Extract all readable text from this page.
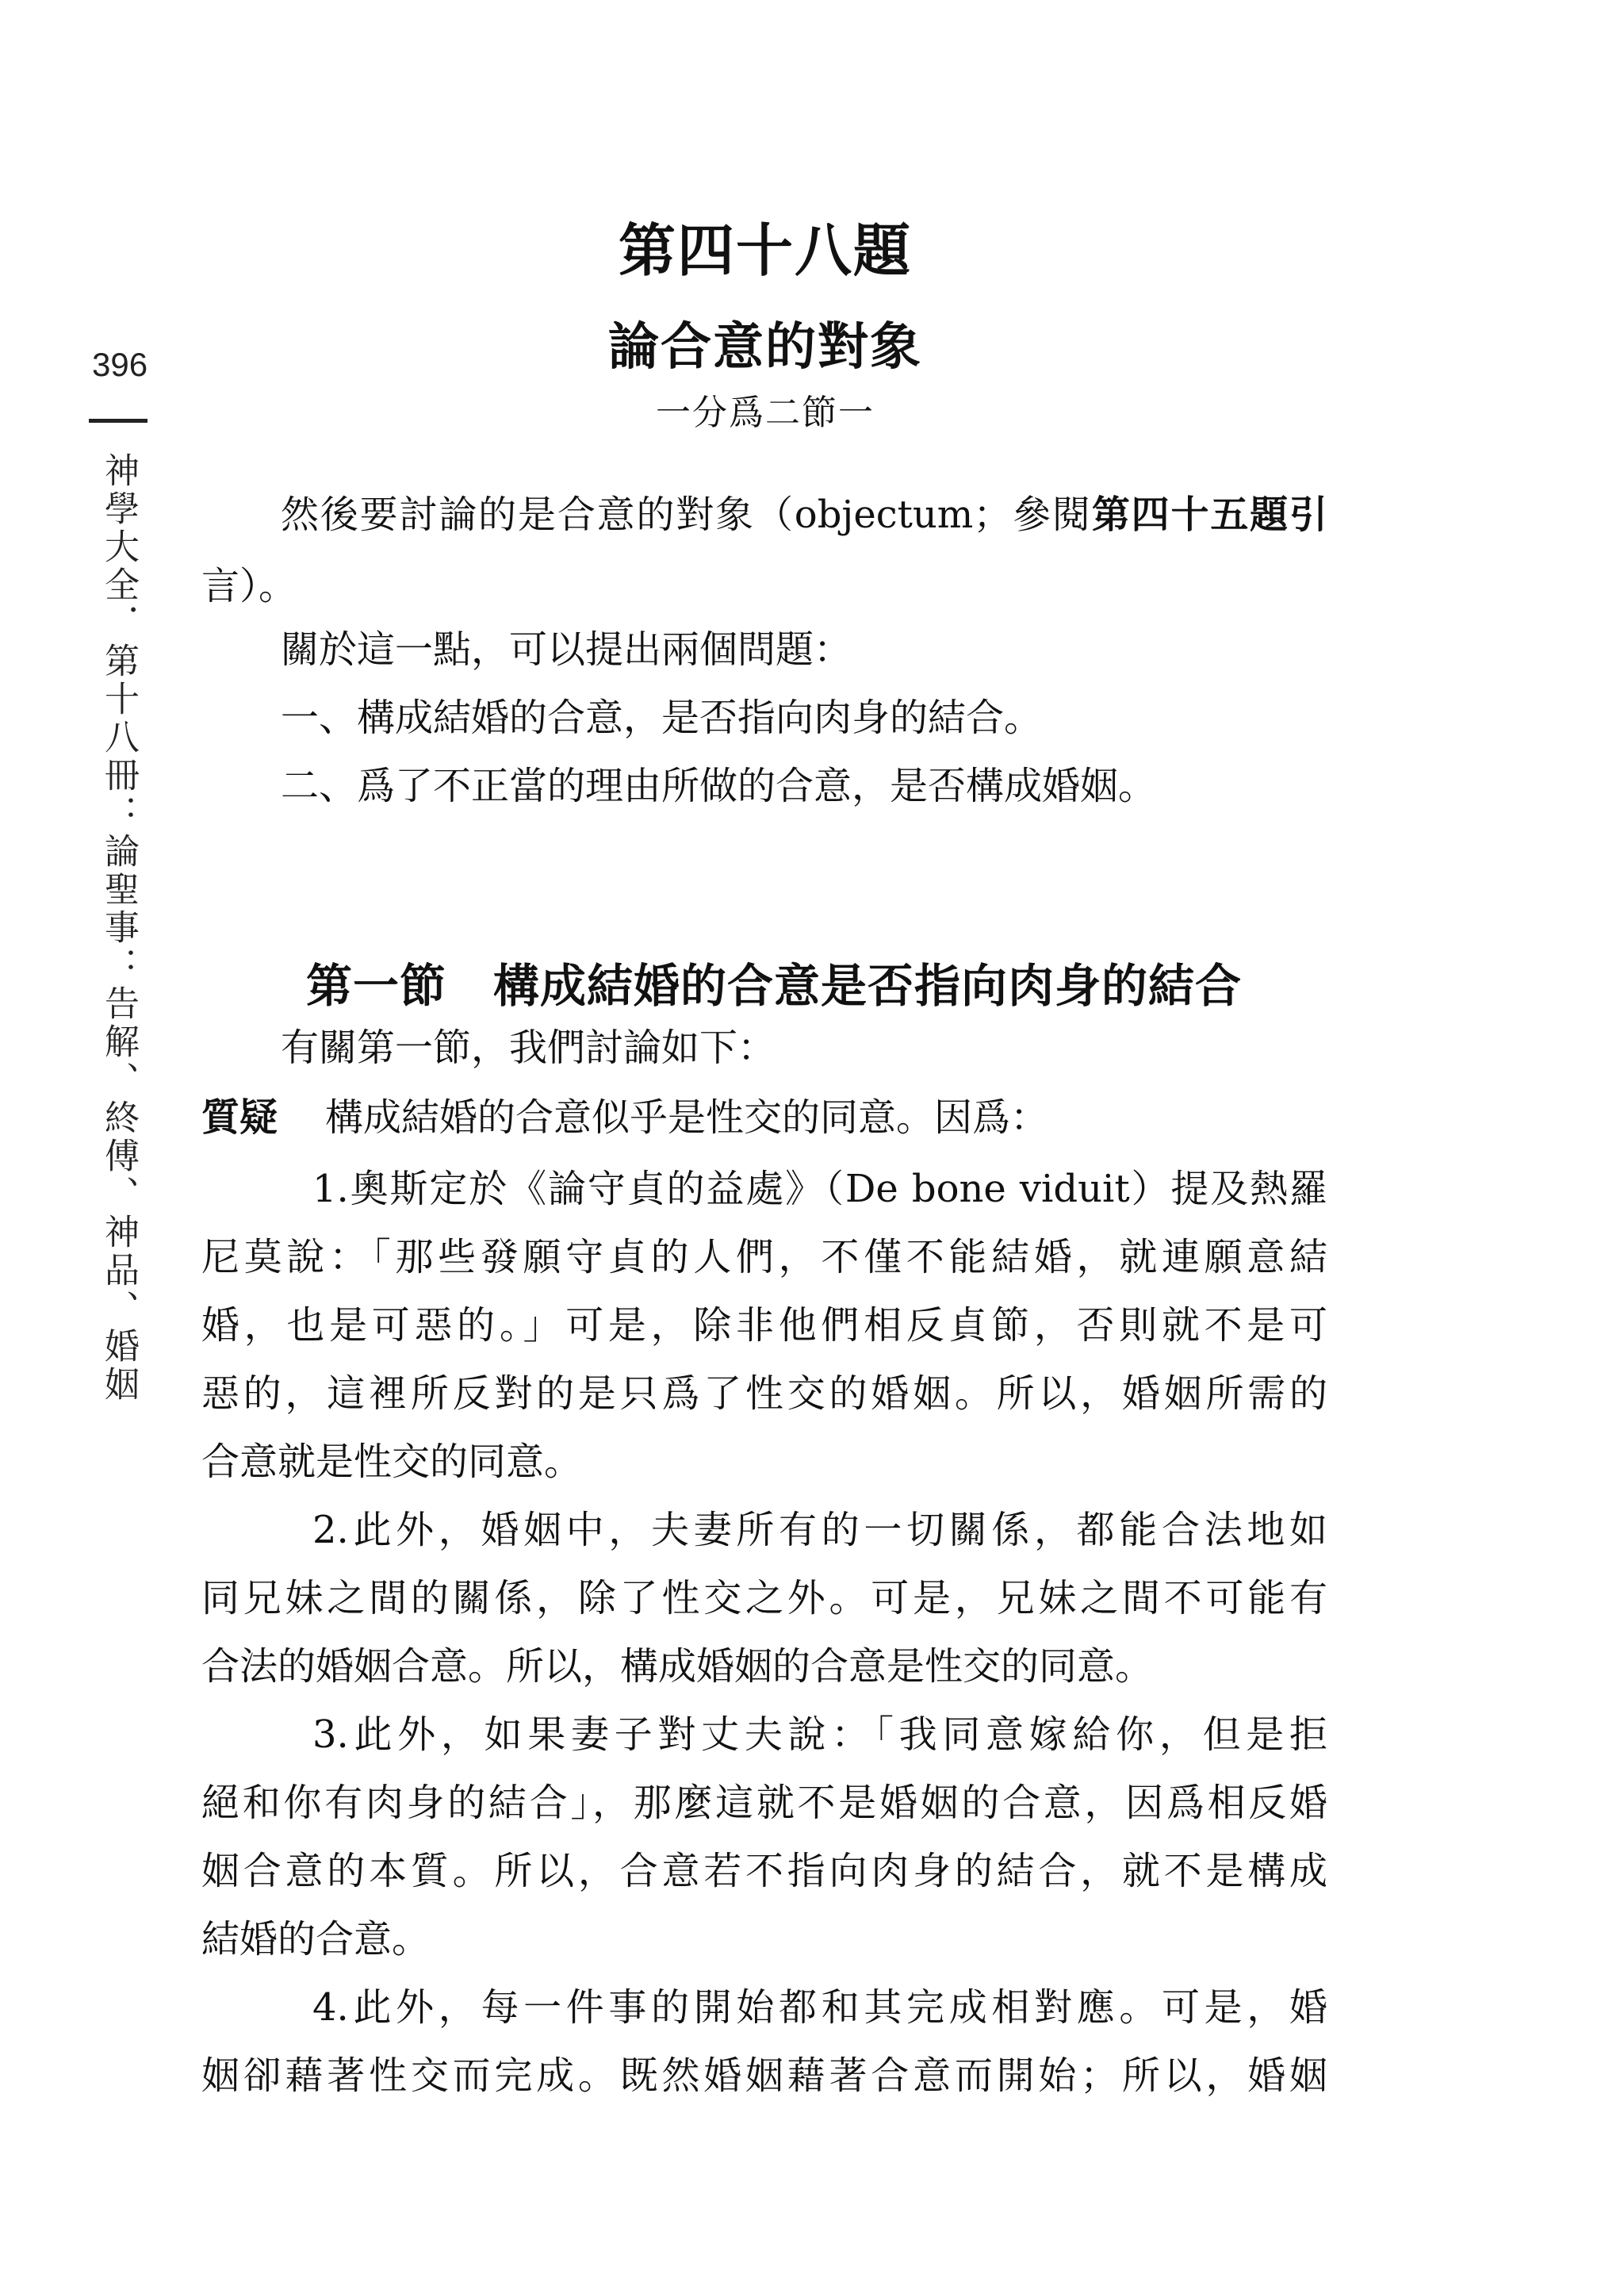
396
神學大全．第十八冊：論聖事：告解、終傅、神品、婚姻
第四十八題
論合意的對象
一分爲二節一
然後要討論的是合意的對象（objectum；參閱第四十五題引
言）。
關於這一點，可以提出兩個問題：
一、構成結婚的合意，是否指向肉身的結合。
二、爲了不正當的理由所做的合意，是否構成婚姻。
第一節　構成結婚的合意是否指向肉身的結合
有關第一節，我們討論如下：
構成結婚的合意似乎是性交的同意。因爲：
1.奧斯定於《論守貞的益處》（De bone viduit）提及熱羅
尼莫說：「那些發願守貞的人們，不僅不能結婚，就連願意結
婚，也是可惡的。」可是，除非他們相反貞節，否則就不是可
惡的，這裡所反對的是只爲了性交的婚姻。所以，婚姻所需的
合意就是性交的同意。
2.此外，婚姻中，夫妻所有的一切關係，都能合法地如
同兄妹之間的關係，除了性交之外。可是，兄妹之間不可能有
合法的婚姻合意。所以，構成婚姻的合意是性交的同意。
3.此外，如果妻子對丈夫說：「我同意嫁給你，但是拒
絕和你有肉身的結合」，那麼這就不是婚姻的合意，因爲相反婚
姻合意的本質。所以，合意若不指向肉身的結合，就不是構成
結婚的合意。
4.此外，每一件事的開始都和其完成相對應。可是，婚
姻卻藉著性交而完成。既然婚姻藉著合意而開始；所以，婚姻
質疑
